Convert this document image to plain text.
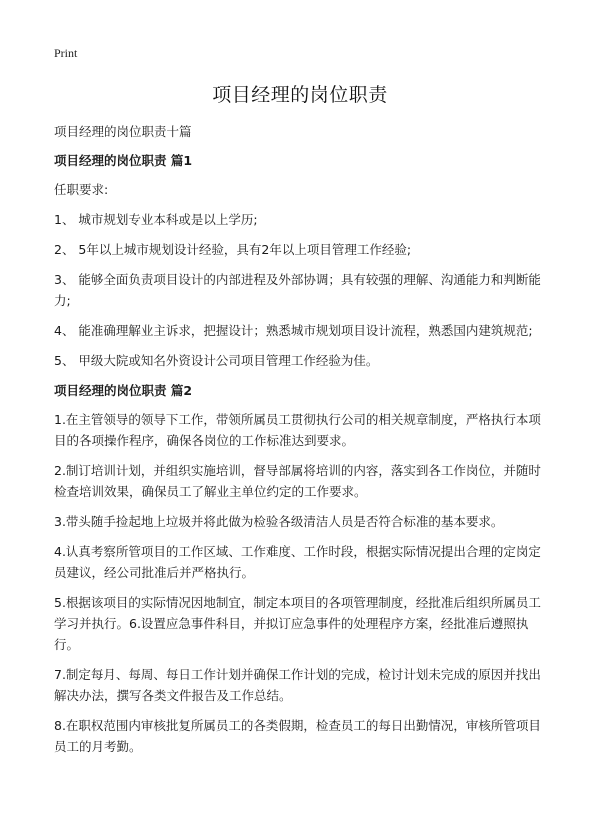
Print
项目经理的岗位职责

项目经理的岗位职责十篇

项目经理的岗位职责 篇1

任职要求:

1、 城市规划专业本科或是以上学历;

2、 5年以上城市规划设计经验，具有2年以上项目管理工作经验;

3、 能够全面负责项目设计的内部进程及外部协调；具有较强的理解、沟通能力和判断能力;

4、 能准确理解业主诉求，把握设计；熟悉城市规划项目设计流程，熟悉国内建筑规范;

5、 甲级大院或知名外资设计公司项目管理工作经验为佳。

项目经理的岗位职责 篇2

1.在主管领导的领导下工作，带领所属员工贯彻执行公司的相关规章制度，严格执行本项目的各项操作程序，确保各岗位的工作标准达到要求。

2.制订培训计划，并组织实施培训，督导部属将培训的内容，落实到各工作岗位，并随时检查培训效果，确保员工了解业主单位约定的工作要求。

3.带头随手捡起地上垃圾并将此做为检验各级清洁人员是否符合标准的基本要求。

4.认真考察所管项目的工作区域、工作难度、工作时段，根据实际情况提出合理的定岗定员建议，经公司批准后并严格执行。

5.根据该项目的实际情况因地制宜，制定本项目的各项管理制度，经批准后组织所属员工学习并执行。6.设置应急事件科目，并拟订应急事件的处理程序方案，经批准后遵照执行。

7.制定每月、每周、每日工作计划并确保工作计划的完成，检讨计划未完成的原因并找出解决办法，撰写各类文件报告及工作总结。

8.在职权范围内审核批复所属员工的各类假期，检查员工的每日出勤情况，审核所管项目员工的月考勤。
